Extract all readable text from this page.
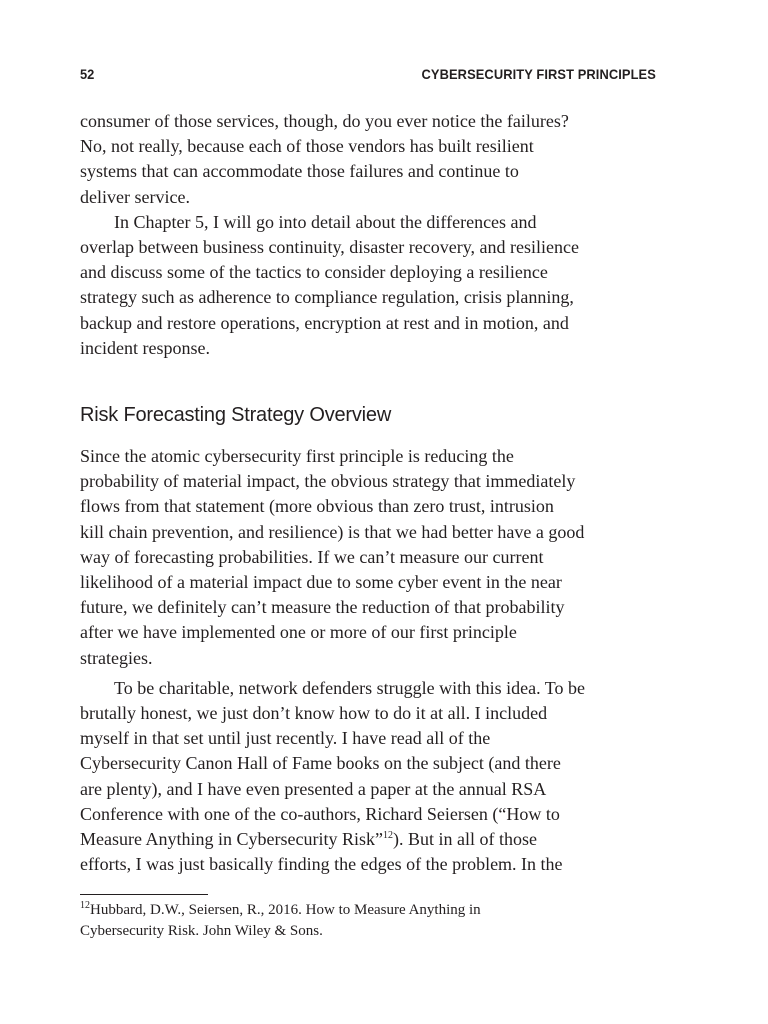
52	CYBERSECURITY FIRST PRINCIPLES

consumer of those services, though, do you ever notice the failures?
No, not really, because each of those vendors has built resilient
systems that can accommodate those failures and continue to
deliver service.

In Chapter 5, I will go into detail about the differences and
overlap between business continuity, disaster recovery, and resilience
and discuss some of the tactics to consider deploying a resilience
strategy such as adherence to compliance regulation, crisis planning,
backup and restore operations, encryption at rest and in motion, and
incident response.

Risk Forecasting Strategy Overview

Since the atomic cybersecurity first principle is reducing the
probability of material impact, the obvious strategy that immediately
flows from that statement (more obvious than zero trust, intrusion
kill chain prevention, and resilience) is that we had better have a good
way of forecasting probabilities. If we can’t measure our current
likelihood of a material impact due to some cyber event in the near
future, we definitely can’t measure the reduction of that probability
after we have implemented one or more of our first principle
strategies.

To be charitable, network defenders struggle with this idea. To be
brutally honest, we just don’t know how to do it at all. I included
myself in that set until just recently. I have read all of the
Cybersecurity Canon Hall of Fame books on the subject (and there
are plenty), and I have even presented a paper at the annual RSA
Conference with one of the co-authors, Richard Seiersen (“How to
Measure Anything in Cybersecurity Risk”$^{12}$). But in all of those
efforts, I was just basically finding the edges of the problem. In the

$^{12}$Hubbard, D.W., Seiersen, R., 2016. How to Measure Anything in
Cybersecurity Risk. John Wiley & Sons.
